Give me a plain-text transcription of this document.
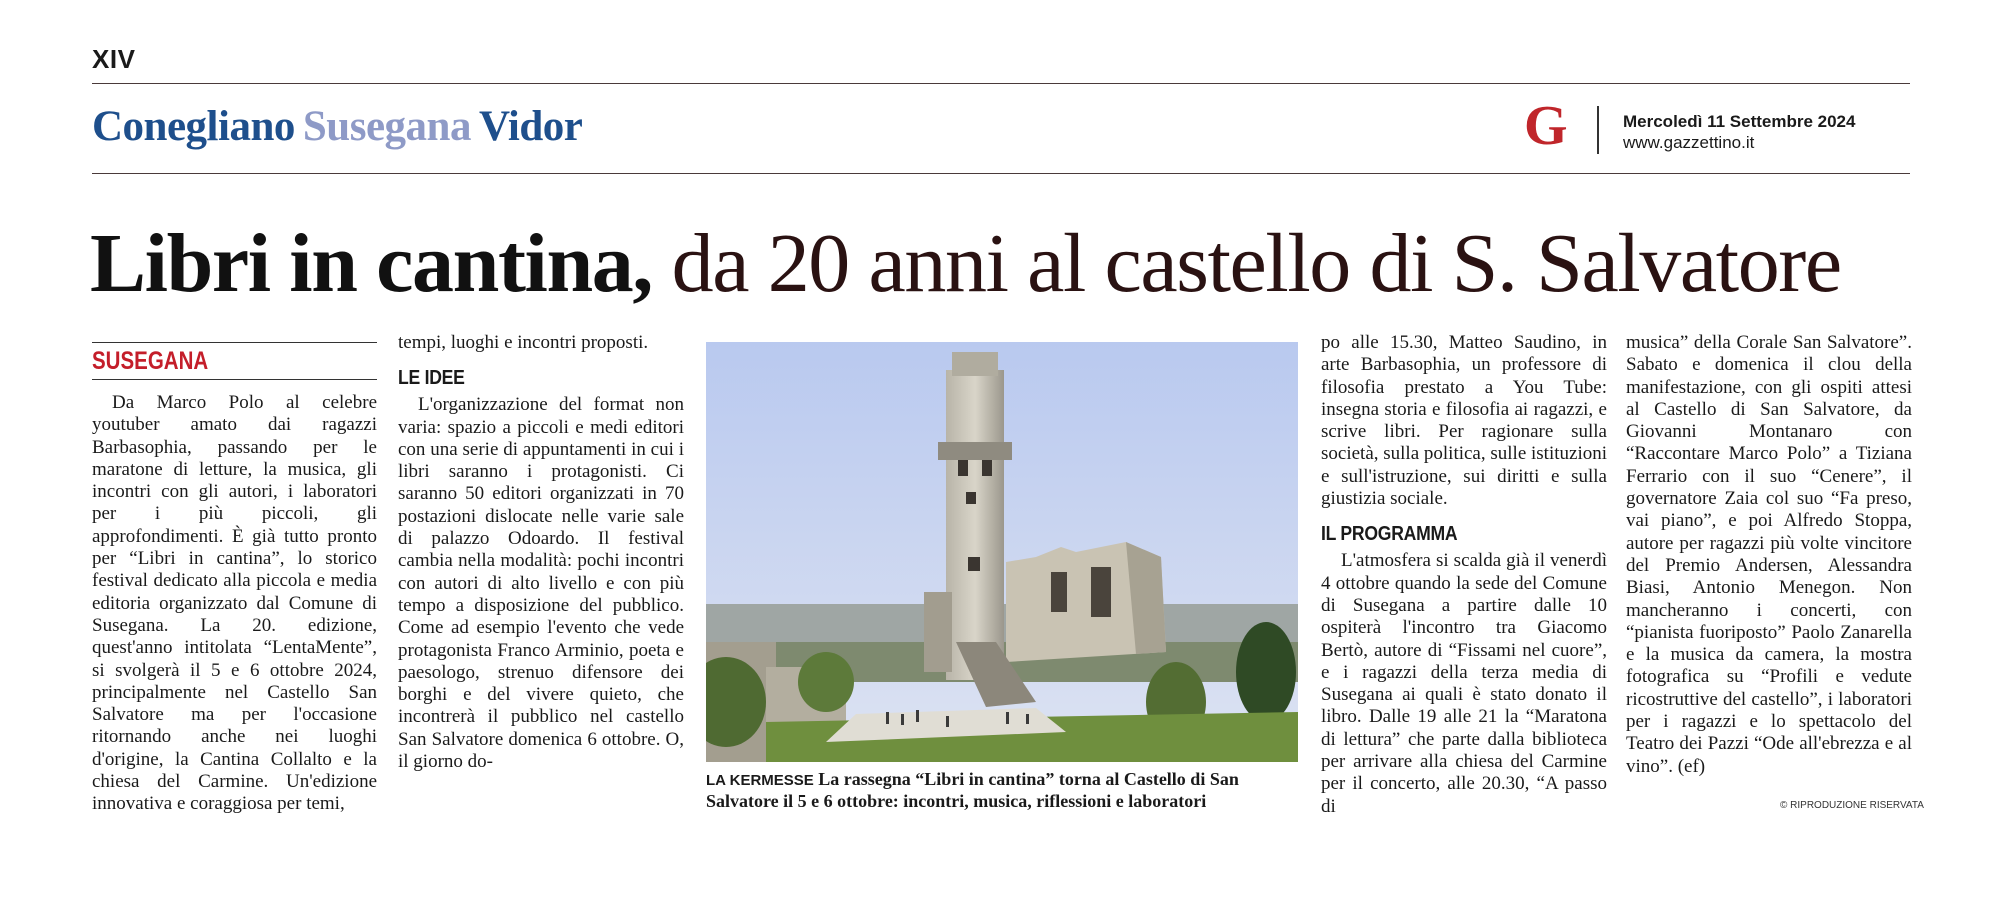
XIV
Conegliano Susegana Vidor	G	Mercoledì 11 Settembre 2024
www.gazzettino.it
Libri in cantina, da 20 anni al castello di S. Salvatore
SUSEGANA

Da Marco Polo al celebre youtuber amato dai ragazzi Barbasophia, passando per le maratone di letture, la musica, gli incontri con gli autori, i laboratori per i più piccoli, gli approfondimenti. È già tutto pronto per “Libri in cantina”, lo storico festival dedicato alla piccola e media editoria organizzato dal Comune di Susegana. La 20. edizione, quest'anno intitolata “LentaMente”, si svolgerà il 5 e 6 ottobre 2024, principalmente nel Castello San Salvatore ma per l'occasione ritornando anche nei luoghi d'origine, la Cantina Collalto e la chiesa del Carmine. Un'edizione innovativa e coraggiosa per temi,

tempi, luoghi e incontri proposti.

LE IDEE

L'organizzazione del format non varia: spazio a piccoli e medi editori con una serie di appuntamenti in cui i libri saranno i protagonisti. Ci saranno 50 editori organizzati in 70 postazioni dislocate nelle varie sale di palazzo Odoardo. Il festival cambia nella modalità: pochi incontri con autori di alto livello e con più tempo a disposizione del pubblico. Come ad esempio l'evento che vede protagonista Franco Arminio, poeta e paesologo, strenuo difensore dei borghi e del vivere quieto, che incontrerà il pubblico nel castello San Salvatore domenica 6 ottobre. O, il giorno do-

LA KERMESSE La rassegna “Libri in cantina” torna al Castello di San Salvatore il 5 e 6 ottobre: incontri, musica, riflessioni e laboratori

po alle 15.30, Matteo Saudino, in arte Barbasophia, un professore di filosofia prestato a You Tube: insegna storia e filosofia ai ragazzi, e scrive libri. Per ragionare sulla società, sulla politica, sulle istituzioni e sull'istruzione, sui diritti e sulla giustizia sociale.

IL PROGRAMMA

L'atmosfera si scalda già il venerdì 4 ottobre quando la sede del Comune di Susegana a partire dalle 10 ospiterà l'incontro tra Giacomo Bertò, autore di “Fissami nel cuore”, e i ragazzi della terza media di Susegana ai quali è stato donato il libro. Dalle 19 alle 21 la “Maratona di lettura” che parte dalla biblioteca per arrivare alla chiesa del Carmine per il concerto, alle 20.30, “A passo di

musica” della Corale San Salvatore”. Sabato e domenica il clou della manifestazione, con gli ospiti attesi al Castello di San Salvatore, da Giovanni Montanaro con “Raccontare Marco Polo” a Tiziana Ferrario con il suo “Cenere”, il governatore Zaia col suo “Fa preso, vai piano”, e poi Alfredo Stoppa, autore per ragazzi più volte vincitore del Premio Andersen, Alessandra Biasi, Antonio Menegon. Non mancheranno i concerti, con “pianista fuoriposto” Paolo Zanarella e la musica da camera, la mostra fotografica su “Profili e vedute ricostruttive del castello”, i laboratori per i ragazzi e lo spettacolo del Teatro dei Pazzi “Ode all'ebrezza e al vino”. (ef)

© RIPRODUZIONE RISERVATA
